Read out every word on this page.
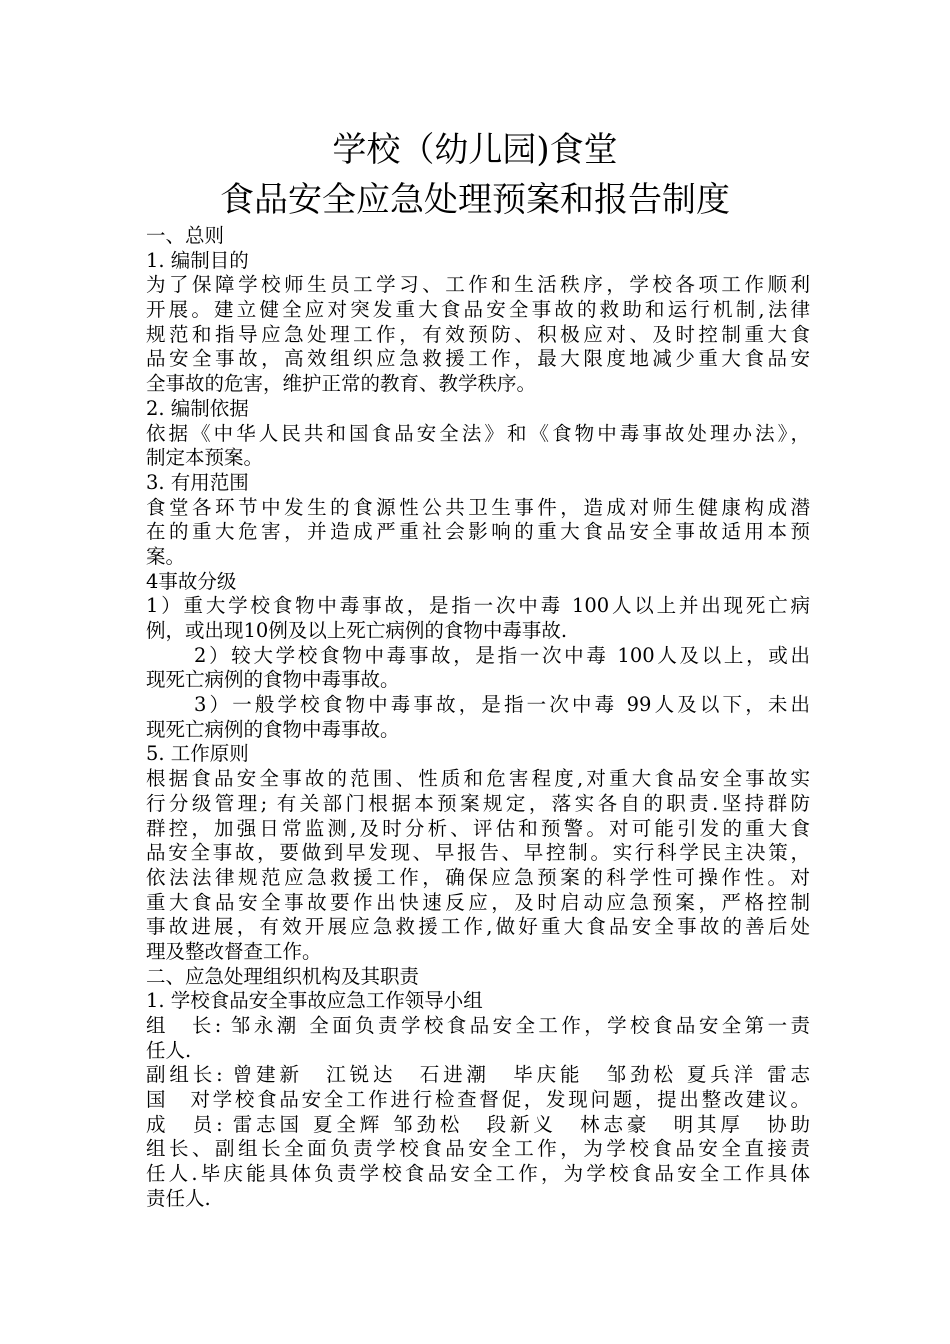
学校（幼儿园)食堂
食品安全应急处理预案和报告制度
一、总则
1. 编制目的
为了保障学校师生员工学习、工作和生活秩序，学校各项工作顺利
开展。建立健全应对突发重大食品安全事故的救助和运行机制,法律
规范和指导应急处理工作，有效预防、积极应对、及时控制重大食
品安全事故，高效组织应急救援工作，最大限度地减少重大食品安
全事故的危害，维护正常的教育、教学秩序。
2. 编制依据
依据《中华人民共和国食品安全法》和《食物中毒事故处理办法》，
制定本预案。
3. 有用范围
食堂各环节中发生的食源性公共卫生事件，造成对师生健康构成潜
在的重大危害，并造成严重社会影响的重大食品安全事故适用本预
案。
4事故分级
1）重大学校食物中毒事故，是指一次中毒 100人以上并出现死亡病
例，或出现10例及以上死亡病例的食物中毒事故.
2）较大学校食物中毒事故，是指一次中毒 100人及以上，或出
现死亡病例的食物中毒事故。
3）一般学校食物中毒事故，是指一次中毒 99人及以下，未出
现死亡病例的食物中毒事故。
5. 工作原则
根据食品安全事故的范围、性质和危害程度,对重大食品安全事故实
行分级管理; 有关部门根据本预案规定，落实各自的职责.坚持群防
群控，加强日常监测,及时分析、评估和预警。对可能引发的重大食
品安全事故，要做到早发现、早报告、早控制。实行科学民主决策，
依法法律规范应急救援工作，确保应急预案的科学性可操作性。对
重大食品安全事故要作出快速反应，及时启动应急预案，严格控制
事故进展，有效开展应急救援工作,做好重大食品安全事故的善后处
理及整改督查工作。
二、应急处理组织机构及其职责
1. 学校食品安全事故应急工作领导小组
组　长: 邹永潮 全面负责学校食品安全工作，学校食品安全第一责
任人.
副组长: 曾建新　江锐达　石进潮　毕庆能　邹劲松 夏兵洋 雷志
国　对学校食品安全工作进行检查督促，发现问题，提出整改建议。
成　员: 雷志国 夏全辉 邹劲松　段新义　林志豪　明其厚　协助
组长、副组长全面负责学校食品安全工作，为学校食品安全直接责
任人.毕庆能具体负责学校食品安全工作，为学校食品安全工作具体
责任人.
